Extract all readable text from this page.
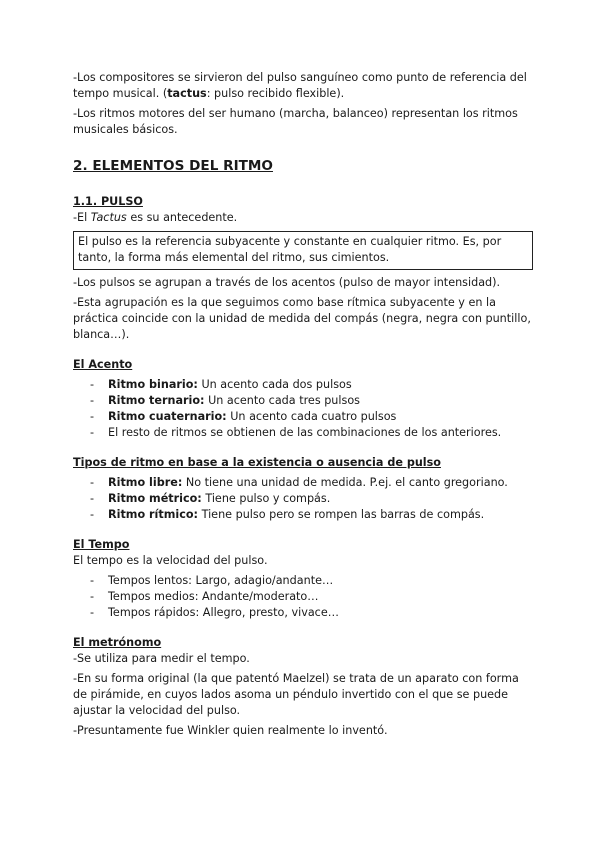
-Los compositores se sirvieron del pulso sanguíneo como punto de referencia del tempo musical. (tactus: pulso recibido flexible).

-Los ritmos motores del ser humano (marcha, balanceo) representan los ritmos musicales básicos.

2. ELEMENTOS DEL RITMO

1.1. PULSO

-El Tactus es su antecedente.

El pulso es la referencia subyacente y constante en cualquier ritmo. Es, por tanto, la forma más elemental del ritmo, sus cimientos.

-Los pulsos se agrupan a través de los acentos (pulso de mayor intensidad).

-Esta agrupación es la que seguimos como base rítmica subyacente y en la práctica coincide con la unidad de medida del compás (negra, negra con puntillo, blanca…).

El Acento

- Ritmo binario: Un acento cada dos pulsos
- Ritmo ternario: Un acento cada tres pulsos
- Ritmo cuaternario: Un acento cada cuatro pulsos
- El resto de ritmos se obtienen de las combinaciones de los anteriores.

Tipos de ritmo en base a la existencia o ausencia de pulso

- Ritmo libre: No tiene una unidad de medida. P.ej. el canto gregoriano.
- Ritmo métrico: Tiene pulso y compás.
- Ritmo rítmico: Tiene pulso pero se rompen las barras de compás.

El Tempo

El tempo es la velocidad del pulso.

- Tempos lentos: Largo, adagio/andante…
- Tempos medios: Andante/moderato…
- Tempos rápidos: Allegro, presto, vivace…

El metrónomo

-Se utiliza para medir el tempo.

-En su forma original (la que patentó Maelzel) se trata de un aparato con forma de pirámide, en cuyos lados asoma un péndulo invertido con el que se puede ajustar la velocidad del pulso.

-Presuntamente fue Winkler quien realmente lo inventó.
